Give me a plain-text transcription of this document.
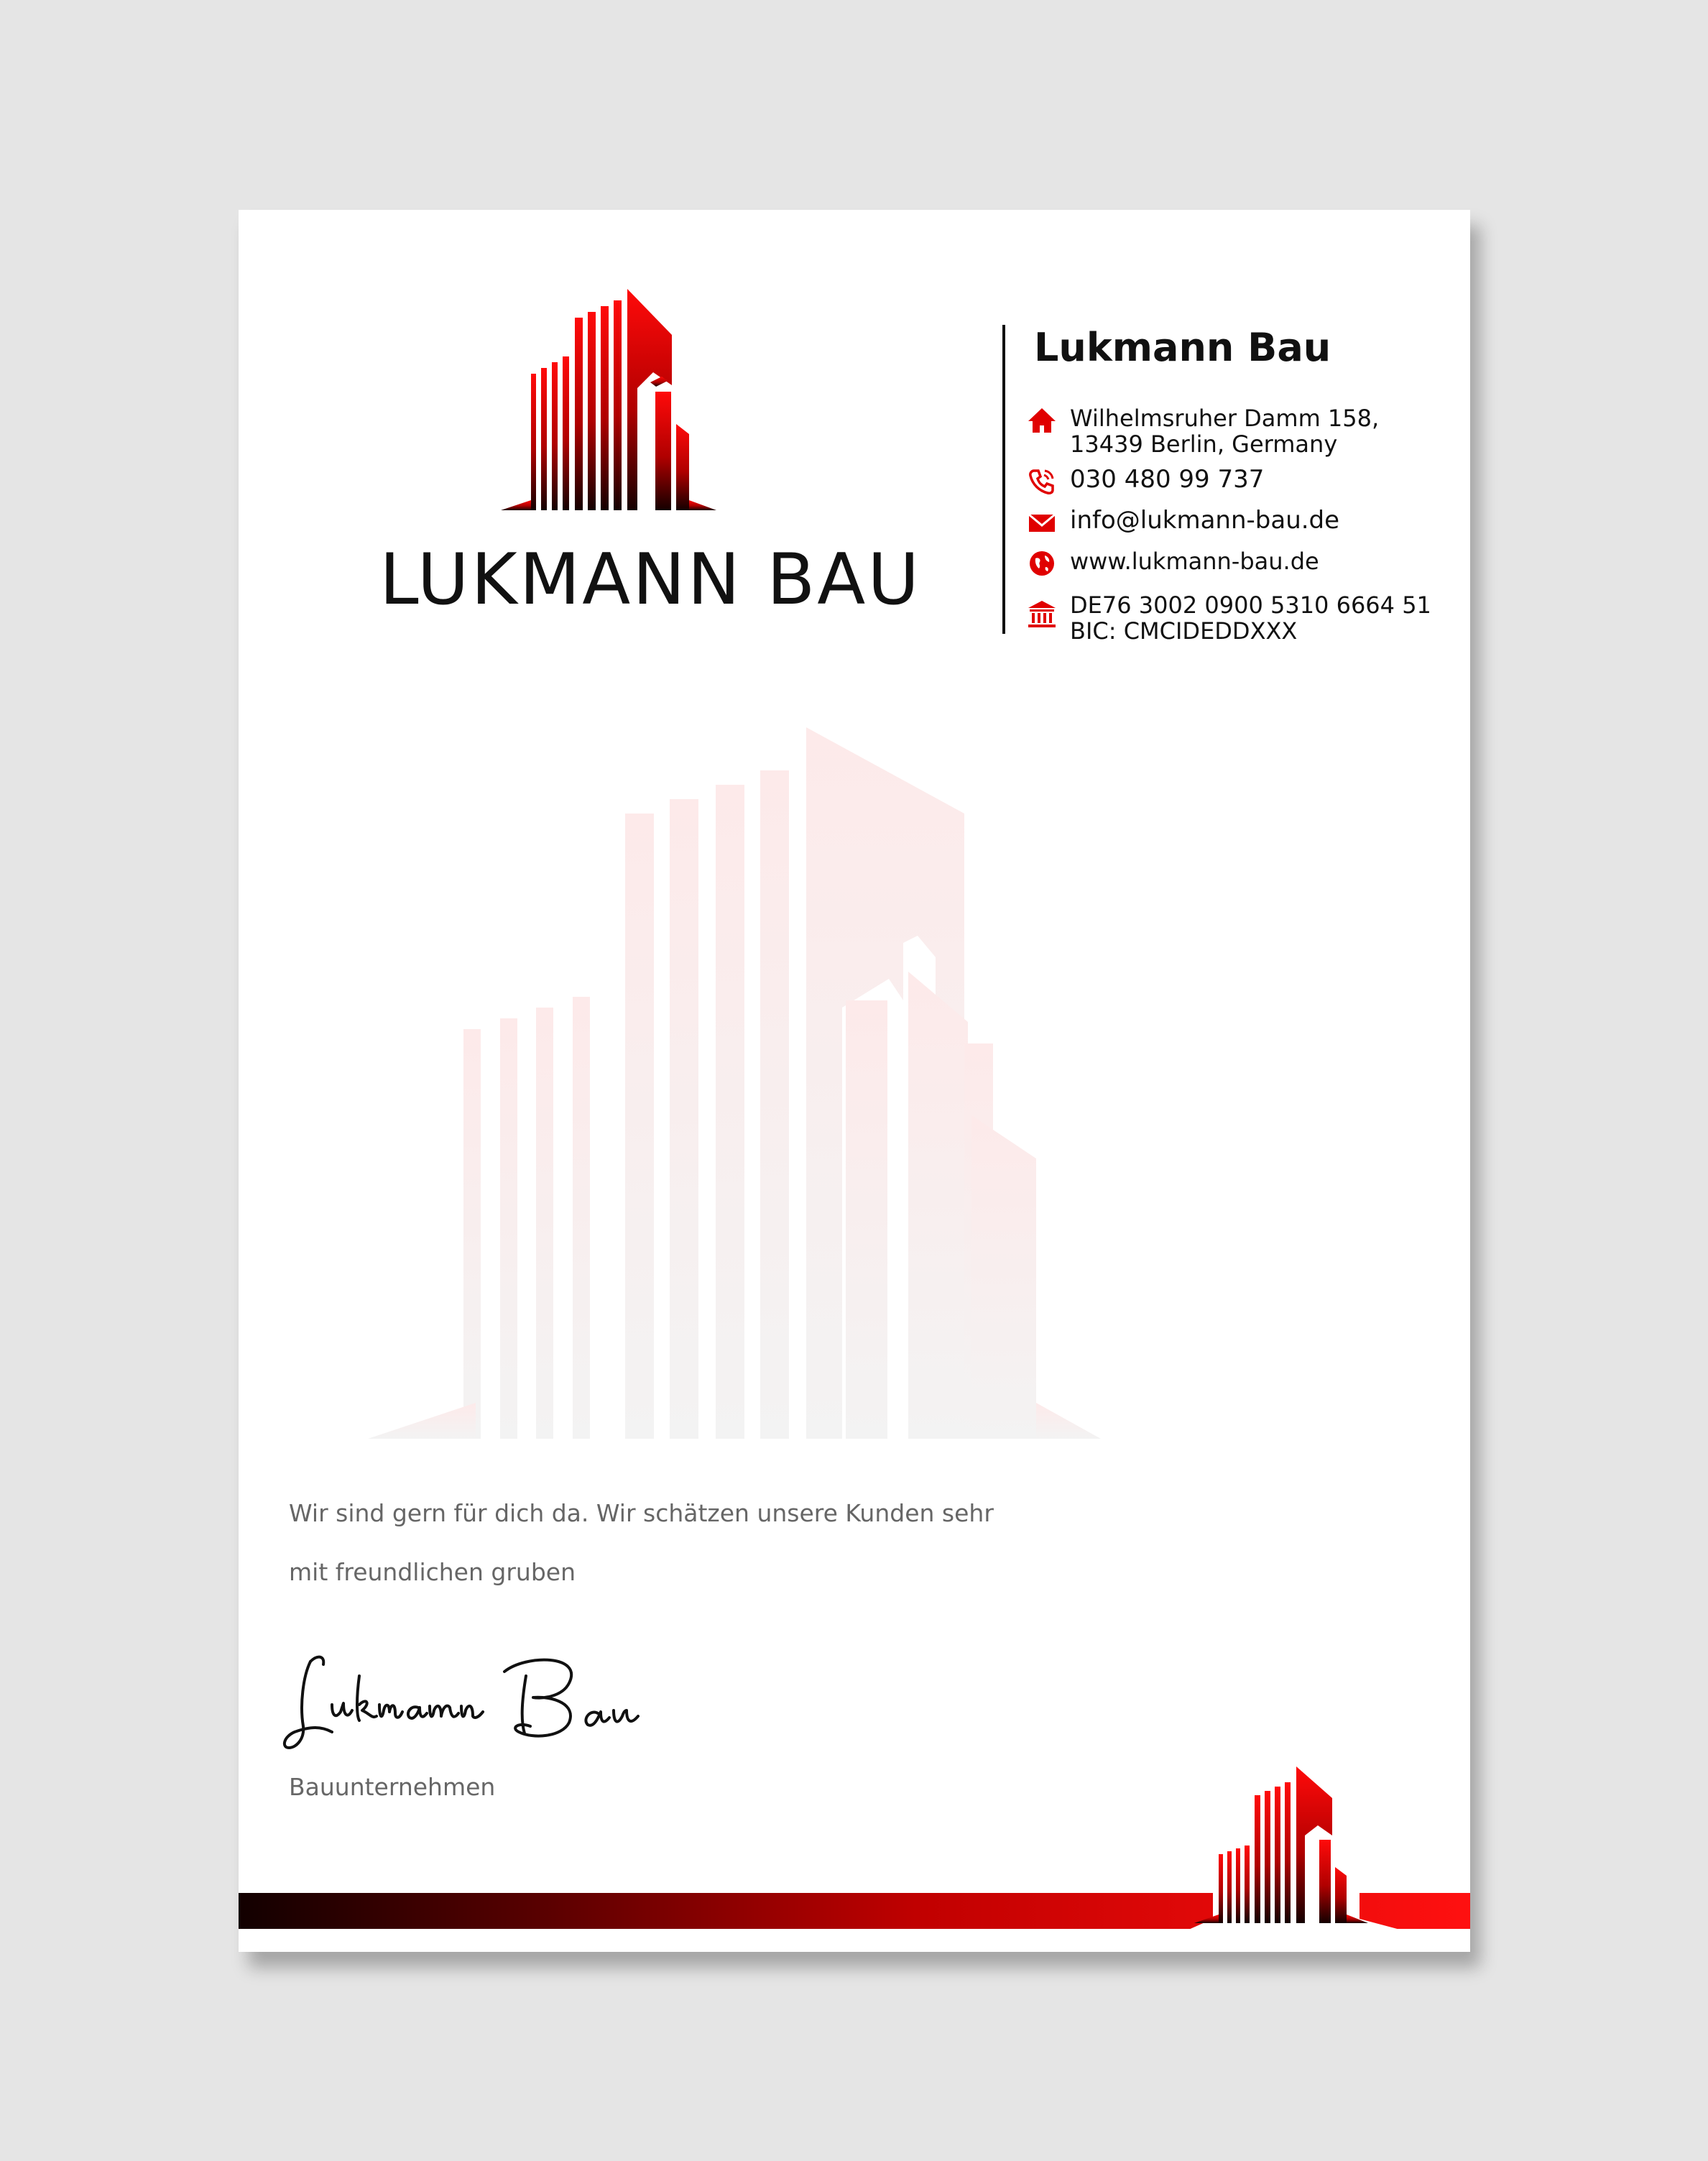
LUKMANN BAU
Lukmann Bau
Wilhelmsruher Damm 158,
13439 Berlin, Germany
030 480 99 737
info@lukmann-bau.de
www.lukmann-bau.de
DE76 3002 0900 5310 6664 51
BIC: CMCIDEDDXXX
Wir sind gern für dich da. Wir schätzen unsere Kunden sehr
mit freundlichen gruben
Bauunternehmen
